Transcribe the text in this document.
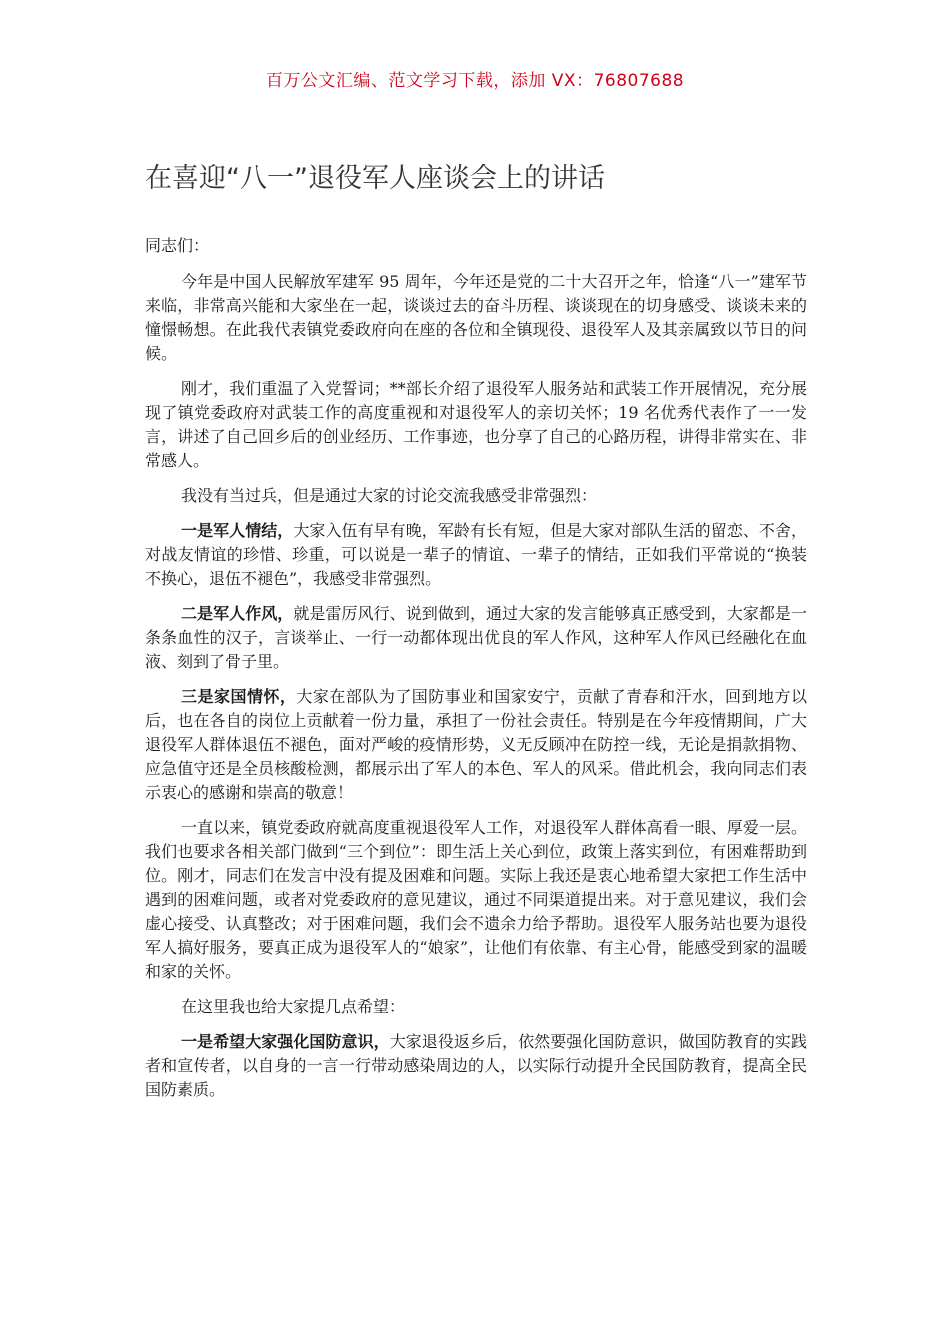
百万公文汇编、范文学习下载，添加 VX：76807688
在喜迎“八一”退役军人座谈会上的讲话

同志们：

今年是中国人民解放军建军 95 周年，今年还是党的二十大召开之年，恰逢“八一”建军节来临，非常高兴能和大家坐在一起，谈谈过去的奋斗历程、谈谈现在的切身感受、谈谈未来的憧憬畅想。在此我代表镇党委政府向在座的各位和全镇现役、退役军人及其亲属致以节日的问候。

刚才，我们重温了入党誓词；**部长介绍了退役军人服务站和武装工作开展情况，充分展现了镇党委政府对武装工作的高度重视和对退役军人的亲切关怀；19 名优秀代表作了一一发言，讲述了自己回乡后的创业经历、工作事迹，也分享了自己的心路历程，讲得非常实在、非常感人。

我没有当过兵，但是通过大家的讨论交流我感受非常强烈：

一是军人情结，大家入伍有早有晚，军龄有长有短，但是大家对部队生活的留恋、不舍，对战友情谊的珍惜、珍重，可以说是一辈子的情谊、一辈子的情结，正如我们平常说的“换装不换心，退伍不褪色”，我感受非常强烈。

二是军人作风，就是雷厉风行、说到做到，通过大家的发言能够真正感受到，大家都是一条条血性的汉子，言谈举止、一行一动都体现出优良的军人作风，这种军人作风已经融化在血液、刻到了骨子里。

三是家国情怀，大家在部队为了国防事业和国家安宁，贡献了青春和汗水，回到地方以后，也在各自的岗位上贡献着一份力量，承担了一份社会责任。特别是在今年疫情期间，广大退役军人群体退伍不褪色，面对严峻的疫情形势，义无反顾冲在防控一线，无论是捐款捐物、应急值守还是全员核酸检测，都展示出了军人的本色、军人的风采。借此机会，我向同志们表示衷心的感谢和崇高的敬意！

一直以来，镇党委政府就高度重视退役军人工作，对退役军人群体高看一眼、厚爱一层。我们也要求各相关部门做到“三个到位”：即生活上关心到位，政策上落实到位，有困难帮助到位。刚才，同志们在发言中没有提及困难和问题。实际上我还是衷心地希望大家把工作生活中遇到的困难问题，或者对党委政府的意见建议，通过不同渠道提出来。对于意见建议，我们会虚心接受、认真整改；对于困难问题，我们会不遗余力给予帮助。退役军人服务站也要为退役军人搞好服务，要真正成为退役军人的“娘家”，让他们有依靠、有主心骨，能感受到家的温暖和家的关怀。

在这里我也给大家提几点希望：

一是希望大家强化国防意识，大家退役返乡后，依然要强化国防意识，做国防教育的实践者和宣传者，以自身的一言一行带动感染周边的人，以实际行动提升全民国防教育，提高全民国防素质。
